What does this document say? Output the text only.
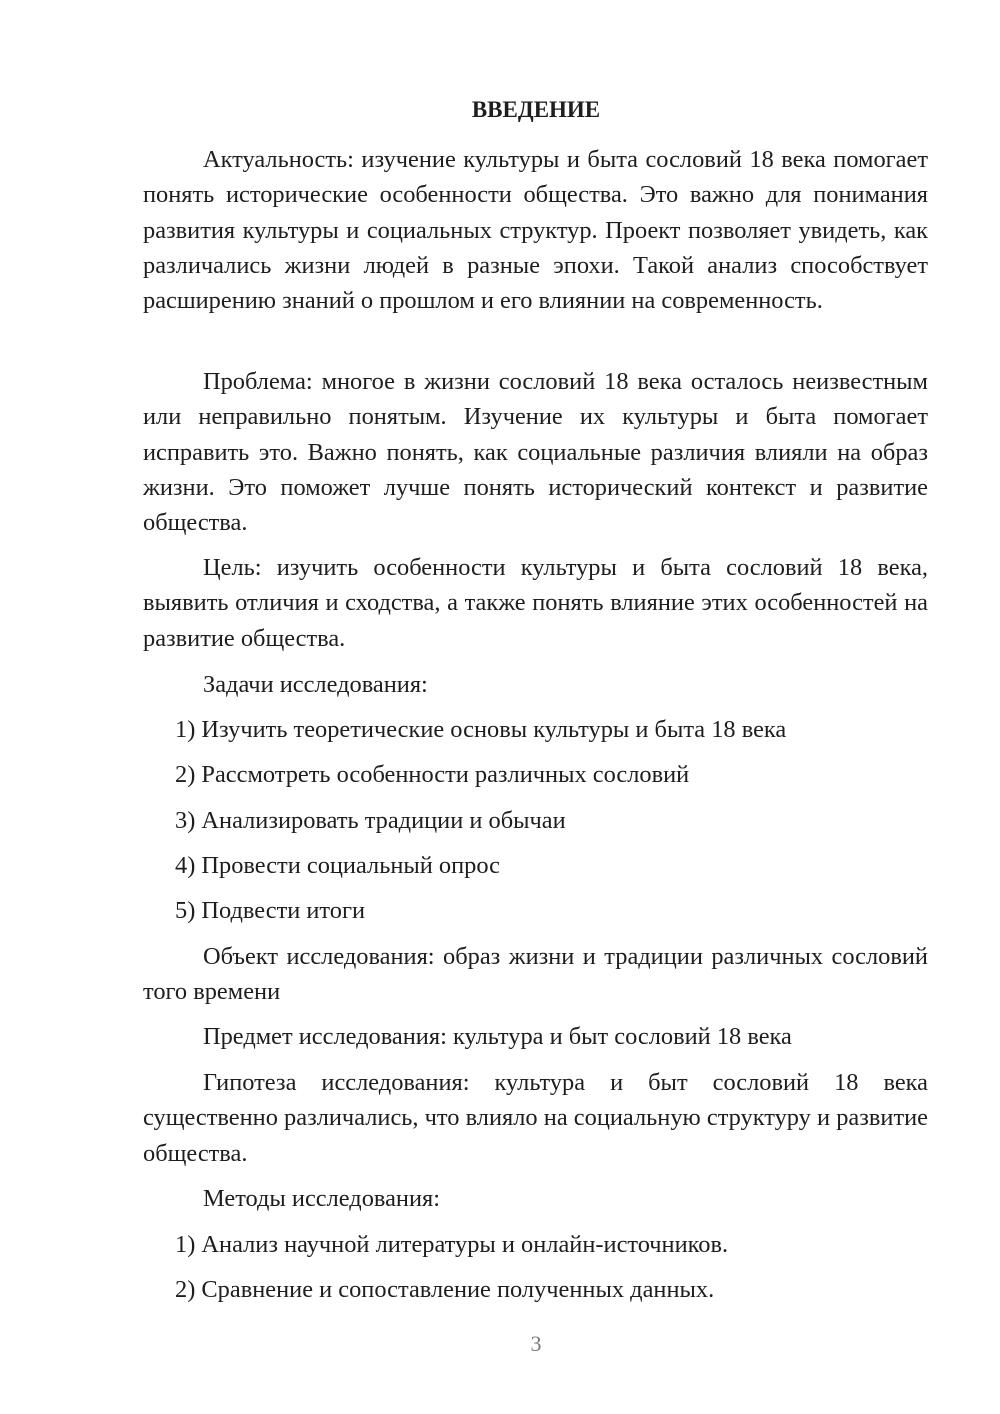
ВВЕДЕНИЕ

Актуальность: изучение культуры и быта сословий 18 века помогает понять исторические особенности общества. Это важно для понимания развития культуры и социальных структур. Проект позволяет увидеть, как различались жизни людей в разные эпохи. Такой анализ способствует расширению знаний о прошлом и его влиянии на современность.

Проблема: многое в жизни сословий 18 века осталось неизвестным или неправильно понятым. Изучение их культуры и быта помогает исправить это. Важно понять, как социальные различия влияли на образ жизни. Это поможет лучше понять исторический контекст и развитие общества.

Цель: изучить особенности культуры и быта сословий 18 века, выявить отличия и сходства, а также понять влияние этих особенностей на развитие общества.

Задачи исследования:

1) Изучить теоретические основы культуры и быта 18 века

2) Рассмотреть особенности различных сословий

3) Анализировать традиции и обычаи

4) Провести социальный опрос

5) Подвести итоги

Объект исследования: образ жизни и традиции различных сословий того времени

Предмет исследования: культура и быт сословий 18 века

Гипотеза исследования: культура и быт сословий 18 века существенно различались, что влияло на социальную структуру и развитие общества.

Методы исследования:

1) Анализ научной литературы и онлайн-источников.

2) Сравнение и сопоставление полученных данных.

3
